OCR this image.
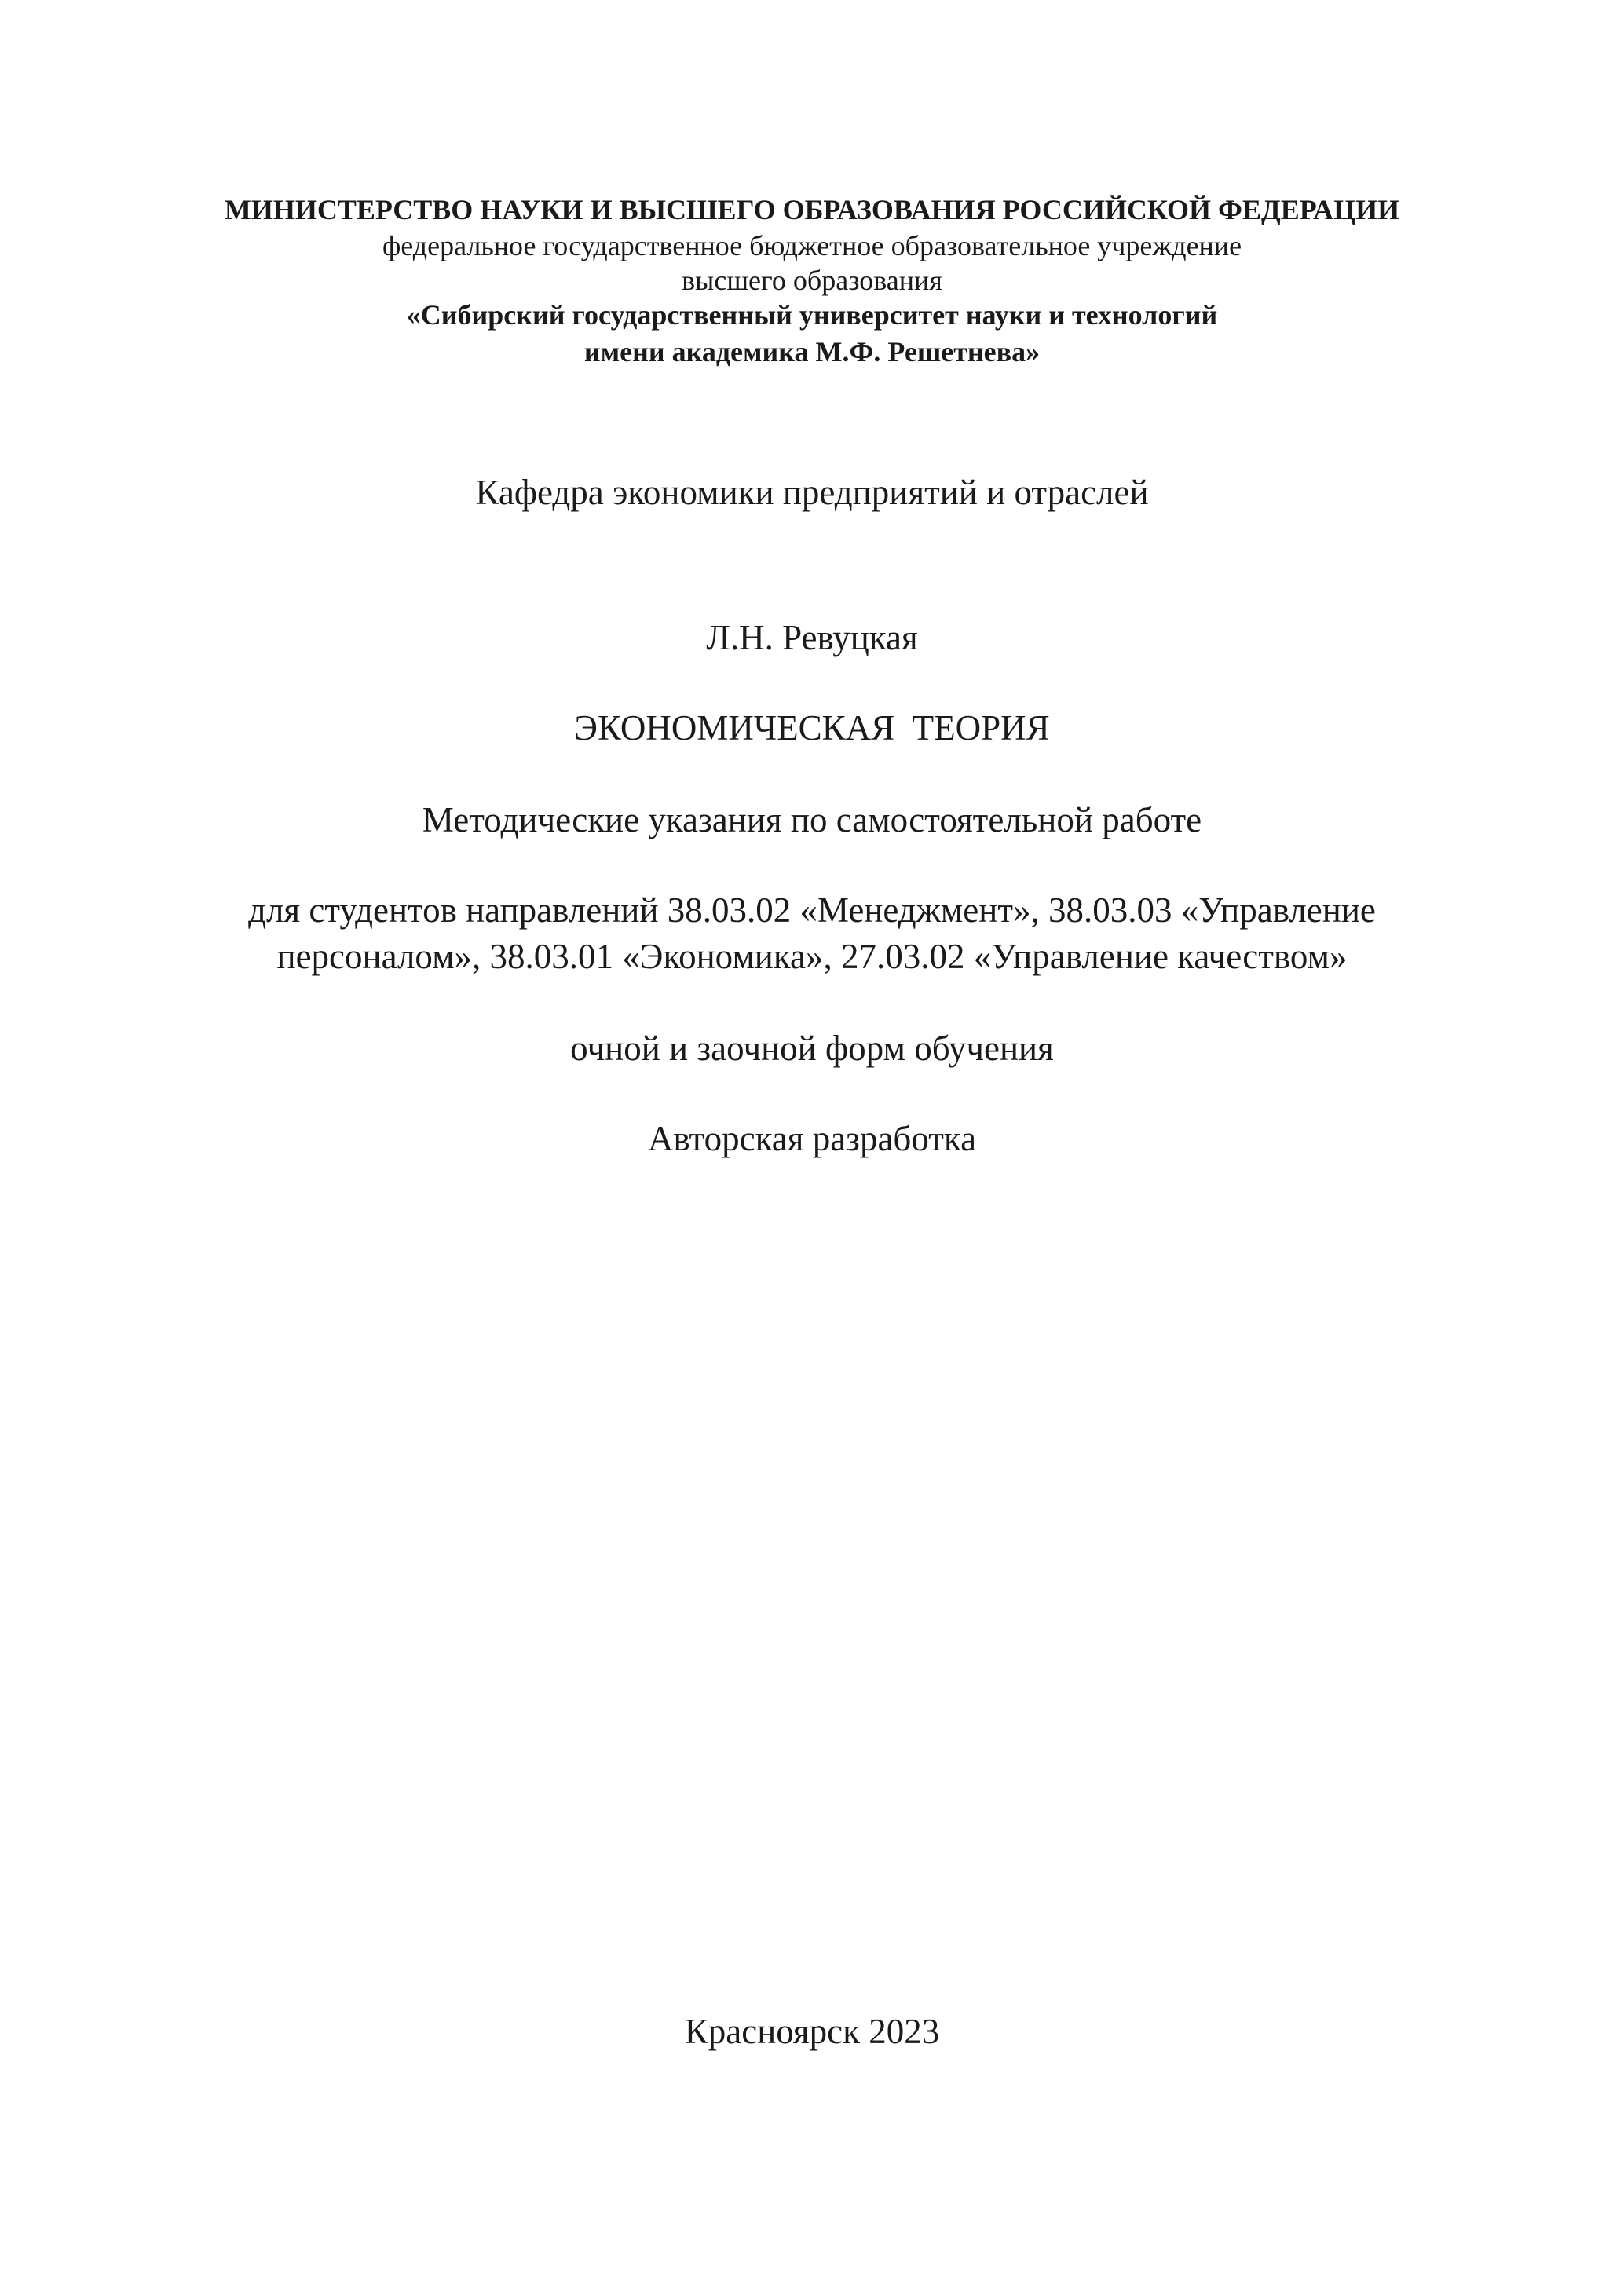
МИНИСТЕРСТВО НАУКИ И ВЫСШЕГО ОБРАЗОВАНИЯ РОССИЙСКОЙ ФЕДЕРАЦИИ
федеральное государственное бюджетное образовательное учреждение
высшего образования
«Сибирский государственный университет науки и технологий
имени академика М.Ф. Решетнева»
Кафедра экономики предприятий и отраслей
Л.Н. Ревуцкая
ЭКОНОМИЧЕСКАЯ  ТЕОРИЯ
Методические указания по самостоятельной работе
для студентов направлений 38.03.02 «Менеджмент», 38.03.03 «Управление
персоналом», 38.03.01 «Экономика», 27.03.02 «Управление качеством»
очной и заочной форм обучения
Авторская разработка
Красноярск 2023
